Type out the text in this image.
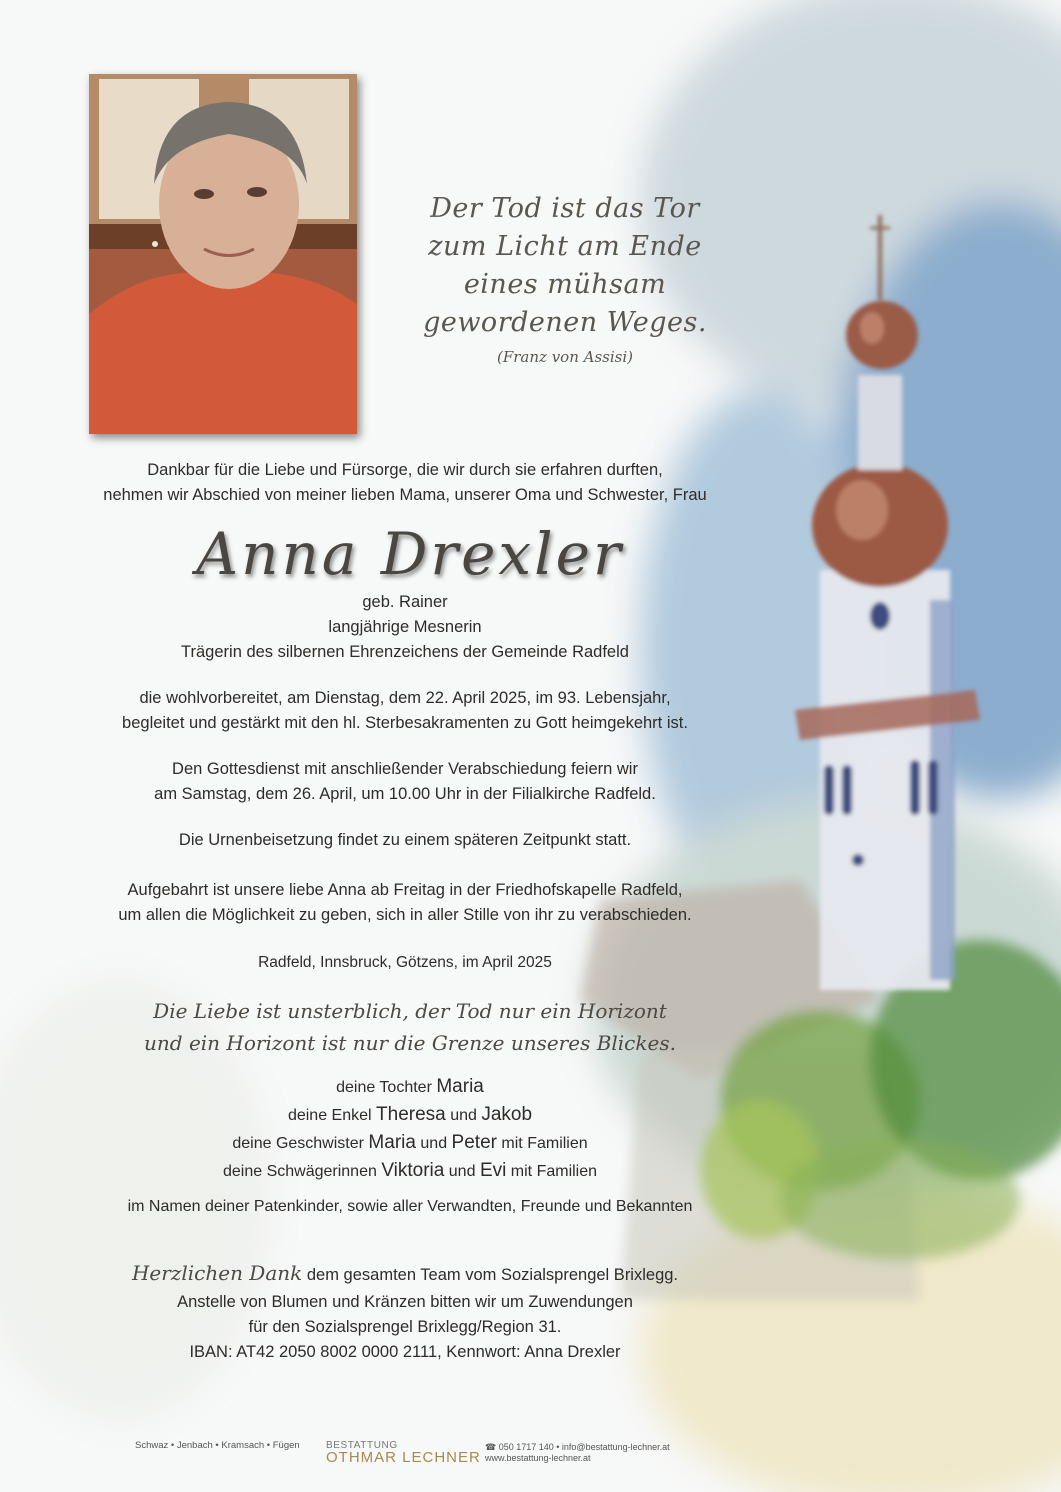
Der Tod ist das Tor
zum Licht am Ende
eines mühsam
gewordenen Weges.
(Franz von Assisi)
Dankbar für die Liebe und Fürsorge, die wir durch sie erfahren durften,
nehmen wir Abschied von meiner lieben Mama, unserer Oma und Schwester, Frau
Anna Drexler
geb. Rainer
langjährige Mesnerin
Trägerin des silbernen Ehrenzeichens der Gemeinde Radfeld
die wohlvorbereitet, am Dienstag, dem 22. April 2025, im 93. Lebensjahr,
begleitet und gestärkt mit den hl. Sterbesakramenten zu Gott heimgekehrt ist.
Den Gottesdienst mit anschließender Verabschiedung feiern wir
am Samstag, dem 26. April, um 10.00 Uhr in der Filialkirche Radfeld.
Die Urnenbeisetzung findet zu einem späteren Zeitpunkt statt.
Aufgebahrt ist unsere liebe Anna ab Freitag in der Friedhofskapelle Radfeld,
um allen die Möglichkeit zu geben, sich in aller Stille von ihr zu verabschieden.
Radfeld, Innsbruck, Götzens, im April 2025
Die Liebe ist unsterblich, der Tod nur ein Horizont
und ein Horizont ist nur die Grenze unseres Blickes.
deine Tochter Maria
deine Enkel Theresa und Jakob
deine Geschwister Maria und Peter mit Familien
deine Schwägerinnen Viktoria und Evi mit Familien
im Namen deiner Patenkinder, sowie aller Verwandten, Freunde und Bekannten
Herzlichen Dank dem gesamten Team vom Sozialsprengel Brixlegg.
Anstelle von Blumen und Kränzen bitten wir um Zuwendungen
für den Sozialsprengel Brixlegg/Region 31.
IBAN: AT42 2050 8002 0000 2111, Kennwort: Anna Drexler
Schwaz • Jenbach • Kramsach • Fügen	BESTATTUNG
OTHMAR LECHNER
☎ 050 1717 140 • info@bestattung-lechner.at
www.bestattung-lechner.at
